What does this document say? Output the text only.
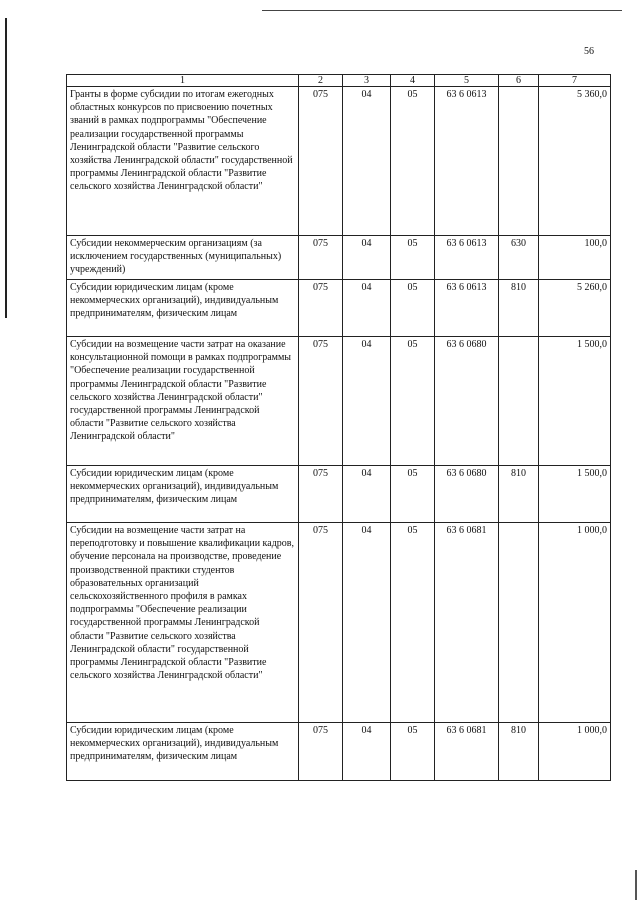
56
1	2	3	4	5	6	7
Гранты в форме субсидии по итогам ежегодных областных конкурсов по присвоению почетных званий в рамках подпрограммы "Обеспечение реализации государственной программы Ленинградской области "Развитие сельского хозяйства Ленинградской области" государственной программы Ленинградской области "Развитие сельского хозяйства Ленинградской области"	075	04	05	63 6 0613		5 360,0
Субсидии некоммерческим организациям (за исключением государственных (муниципальных) учреждений)	075	04	05	63 6 0613	630	100,0
Субсидии юридическим лицам (кроме некоммерческих организаций), индивидуальным предпринимателям, физическим лицам	075	04	05	63 6 0613	810	5 260,0
Субсидии на возмещение части затрат на оказание консультационной помощи в рамках подпрограммы "Обеспечение реализации государственной программы Ленинградской области "Развитие сельского хозяйства Ленинградской области" государственной программы Ленинградской области "Развитие сельского хозяйства Ленинградской области"	075	04	05	63 6 0680		1 500,0
Субсидии юридическим лицам (кроме некоммерческих организаций), индивидуальным предпринимателям, физическим лицам	075	04	05	63 6 0680	810	1 500,0
Субсидии на возмещение части затрат на переподготовку и повышение квалификации кадров, обучение персонала на производстве, проведение производственной практики студентов образовательных организаций сельскохозяйственного профиля в рамках подпрограммы "Обеспечение реализации государственной программы Ленинградской области "Развитие сельского хозяйства Ленинградской области" государственной программы Ленинградской области "Развитие сельского хозяйства Ленинградской области"	075	04	05	63 6 0681		1 000,0
Субсидии юридическим лицам (кроме некоммерческих организаций), индивидуальным предпринимателям, физическим лицам	075	04	05	63 6 0681	810	1 000,0
